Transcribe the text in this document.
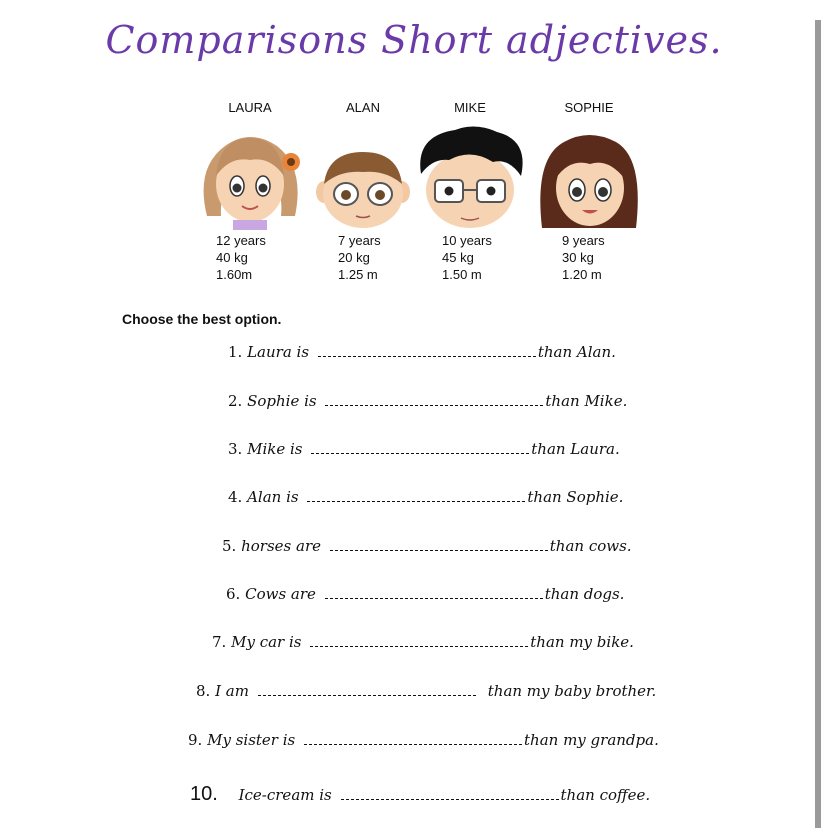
Comparisons Short adjectives.
LAURA
12 years
40 kg
1.60m
ALAN
7 years
20 kg
1.25 m
MIKE
10 years
45 kg
1.50 m
SOPHIE
9 years
30 kg
1.20 m
Choose the best option.
1. Laura is	than Alan.
2. Sophie is	than Mike.
3. Mike is	than Laura.
4. Alan is	than Sophie.
5. horses are	than cows.
6. Cows are	than dogs.
7. My car is	than my bike.
8. I am	than my baby brother.
9. My sister is	than my grandpa.
10. Ice-cream is	than coffee.
